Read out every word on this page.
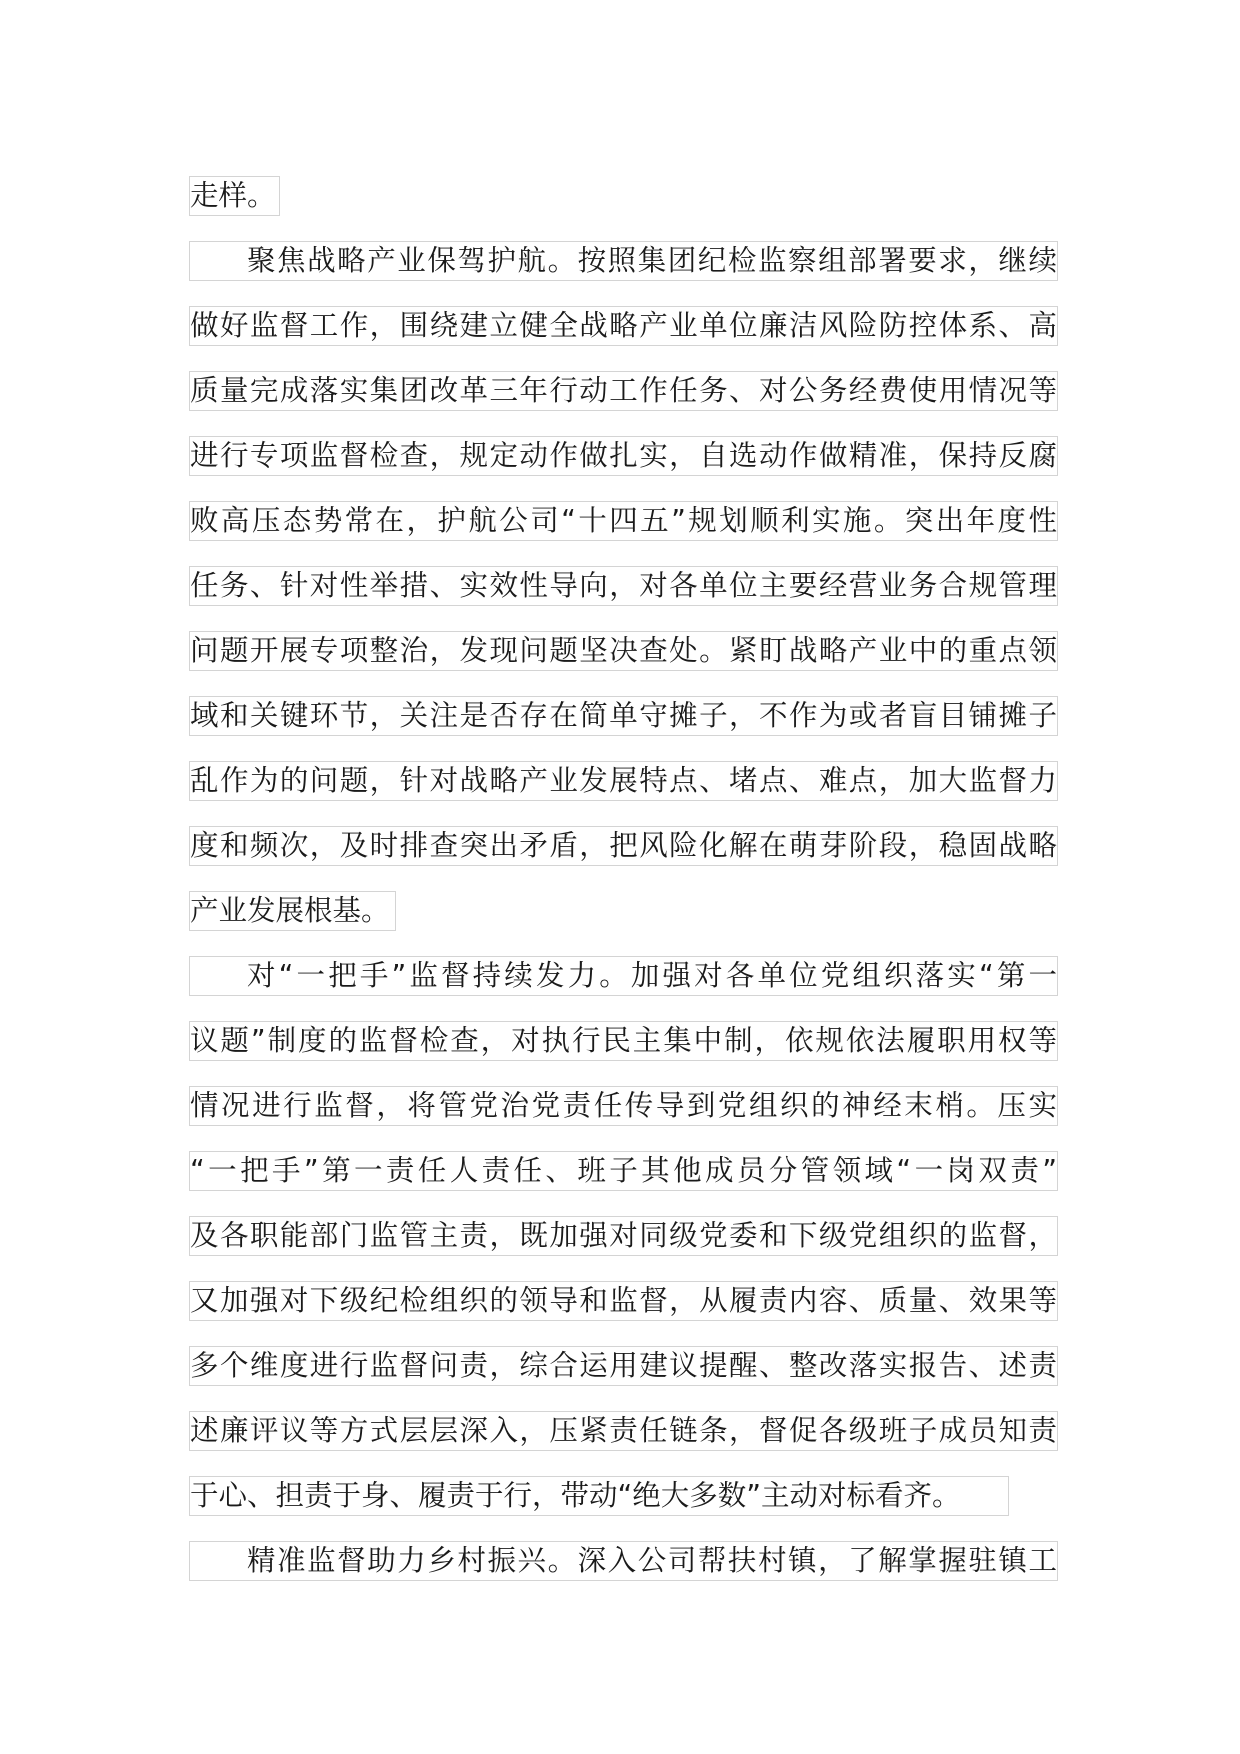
走样。
聚焦战略产业保驾护航。按照集团纪检监察组部署要求，继续
做好监督工作，围绕建立健全战略产业单位廉洁风险防控体系、高
质量完成落实集团改革三年行动工作任务、对公务经费使用情况等
进行专项监督检查，规定动作做扎实，自选动作做精准，保持反腐
败高压态势常在，护航公司“十四五”规划顺利实施。突出年度性
任务、针对性举措、实效性导向，对各单位主要经营业务合规管理
问题开展专项整治，发现问题坚决查处。紧盯战略产业中的重点领
域和关键环节，关注是否存在简单守摊子，不作为或者盲目铺摊子
乱作为的问题，针对战略产业发展特点、堵点、难点，加大监督力
度和频次，及时排查突出矛盾，把风险化解在萌芽阶段，稳固战略
产业发展根基。
对“一把手”监督持续发力。加强对各单位党组织落实“第一
议题”制度的监督检查，对执行民主集中制，依规依法履职用权等
情况进行监督，将管党治党责任传导到党组织的神经末梢。压实
“一把手”第一责任人责任、班子其他成员分管领域“一岗双责”
及各职能部门监管主责，既加强对同级党委和下级党组织的监督，
又加强对下级纪检组织的领导和监督，从履责内容、质量、效果等
多个维度进行监督问责，综合运用建议提醒、整改落实报告、述责
述廉评议等方式层层深入，压紧责任链条，督促各级班子成员知责
于心、担责于身、履责于行，带动“绝大多数”主动对标看齐。
精准监督助力乡村振兴。深入公司帮扶村镇，了解掌握驻镇工
